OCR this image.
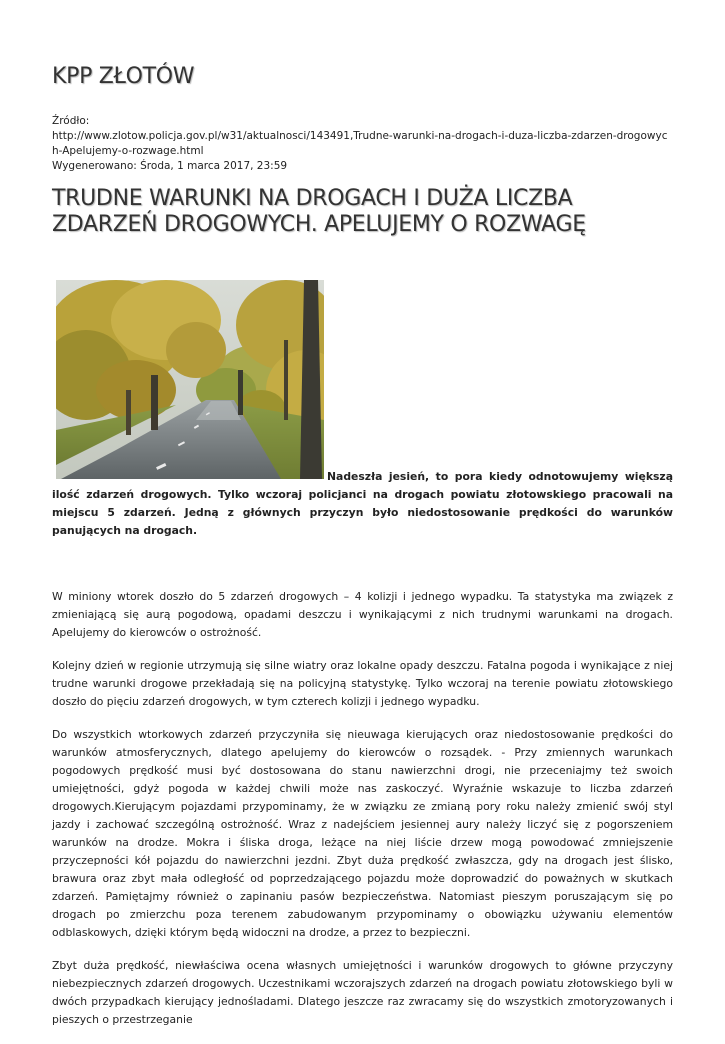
KPP ZŁOTÓW
Źródło:
http://www.zlotow.policja.gov.pl/w31/aktualnosci/143491,Trudne-warunki-na-drogach-i-duza-liczba-zdarzen-drogowych-Apelujemy-o-rozwage.html
Wygenerowano: Środa, 1 marca 2017, 23:59
TRUDNE WARUNKI NA DROGACH I DUŻA LICZBA ZDARZEŃ DROGOWYCH. APELUJEMY O ROZWAGĘ

Nadeszła jesień, to pora kiedy odnotowujemy większą ilość zdarzeń drogowych. Tylko wczoraj policjanci na drogach powiatu złotowskiego pracowali na miejscu 5 zdarzeń. Jedną z głównych przyczyn było niedostosowanie prędkości do warunków panujących na drogach.

W miniony wtorek doszło do 5 zdarzeń drogowych – 4 kolizji i jednego wypadku. Ta statystyka ma związek z zmieniającą się aurą pogodową, opadami deszczu i wynikającymi z nich trudnymi warunkami na drogach. Apelujemy do kierowców o ostrożność.

Kolejny dzień w regionie utrzymują się silne wiatry oraz lokalne opady deszczu. Fatalna pogoda i wynikające z niej trudne warunki drogowe przekładają się na policyjną statystykę. Tylko wczoraj na terenie powiatu złotowskiego doszło do pięciu zdarzeń drogowych, w tym czterech kolizji i jednego wypadku.

Do wszystkich wtorkowych zdarzeń przyczyniła się nieuwaga kierujących oraz niedostosowanie prędkości do warunków atmosferycznych, dlatego apelujemy do kierowców o rozsądek. - Przy zmiennych warunkach pogodowych prędkość musi być dostosowana do stanu nawierzchni drogi, nie przeceniajmy też swoich umiejętności, gdyż pogoda w każdej chwili może nas zaskoczyć. Wyraźnie wskazuje to liczba zdarzeń drogowych.Kierującym pojazdami przypominamy, że w związku ze zmianą pory roku należy zmienić swój styl jazdy i zachować szczególną ostrożność. Wraz z nadejściem jesiennej aury należy liczyć się z pogorszeniem warunków na drodze. Mokra i śliska droga, leżące na niej liście drzew mogą powodować zmniejszenie przyczepności kół pojazdu do nawierzchni jezdni. Zbyt duża prędkość zwłaszcza, gdy na drogach jest ślisko, brawura oraz zbyt mała odległość od poprzedzającego pojazdu może doprowadzić do poważnych w skutkach zdarzeń. Pamiętajmy również o zapinaniu pasów bezpieczeństwa. Natomiast pieszym poruszającym się po drogach po zmierzchu poza terenem zabudowanym przypominamy o obowiązku używaniu elementów odblaskowych, dzięki którym będą widoczni na drodze, a przez to bezpieczni.

Zbyt duża prędkość, niewłaściwa ocena własnych umiejętności i warunków drogowych to główne przyczyny niebezpiecznych zdarzeń drogowych. Uczestnikami wczorajszych zdarzeń na drogach powiatu złotowskiego byli w dwóch przypadkach kierujący jednośladami. Dlatego jeszcze raz zwracamy się do wszystkich zmotoryzowanych i pieszych o przestrzeganie
